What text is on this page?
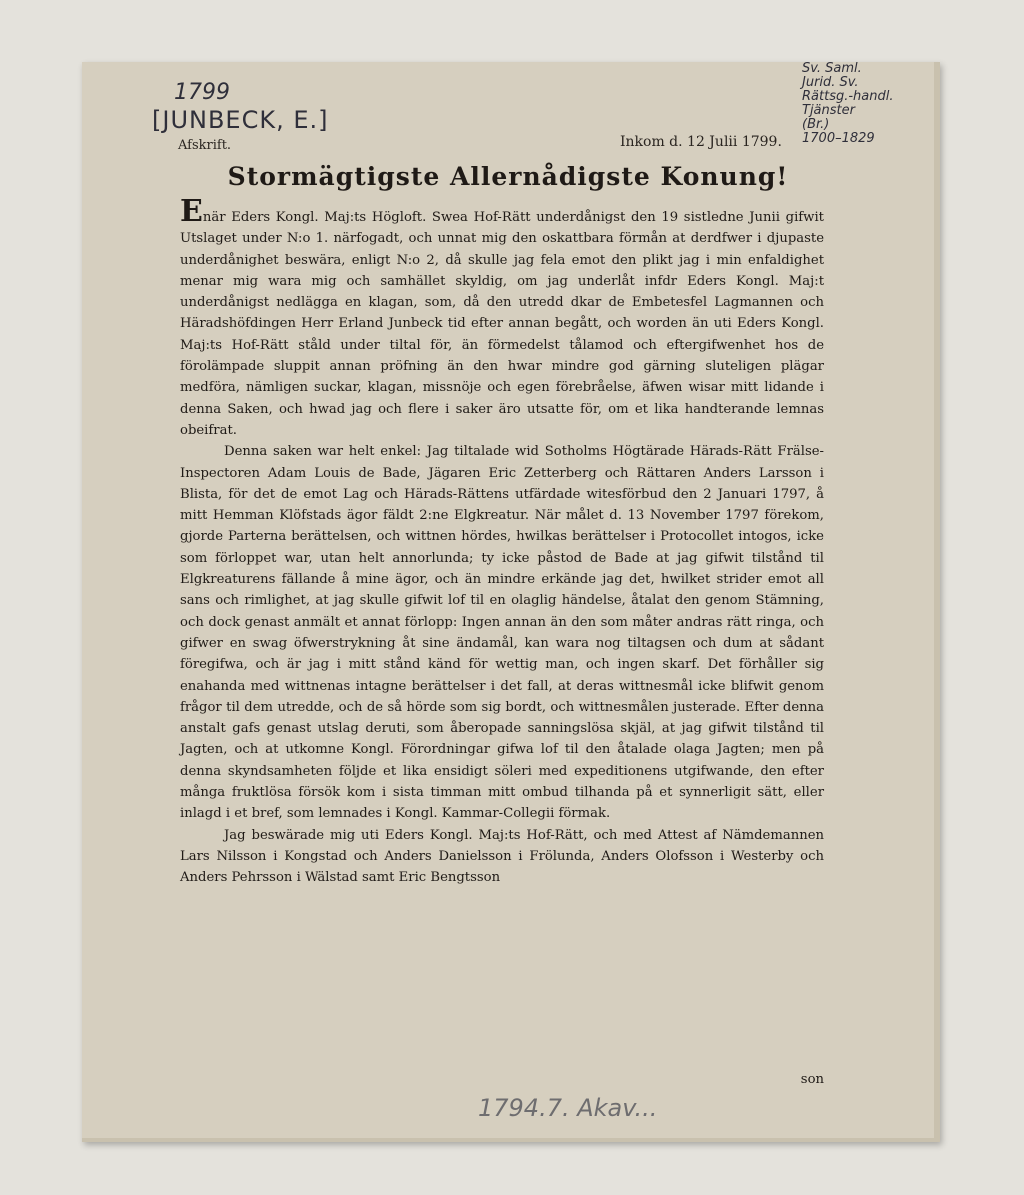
1799
[JUNBECK, E.]
Sv. Saml.
Jurid. Sv.
Rättsg.-handl.
Tjänster
(Br.)
1700–1829
Afskrift.	Inkom d. 12 Julii 1799.
Stormägtigste Allernådigste Konung!

Enär Eders Kongl. Maj:ts Högloft. Swea Hof-Rätt underdånigst den 19 sistledne Junii gifwit Utslaget under N:o 1. närfogadt, och unnat mig den oskattbara förmån at derdfwer i djupaste underdånighet beswära, enligt N:o 2, då skulle jag fela emot den plikt jag i min enfaldighet menar mig wara mig och samhället skyldig, om jag underlåt infdr Eders Kongl. Maj:t underdånigst nedlägga en klagan, som, då den utredd dkar de Embetesfel Lagmannen och Häradshöfdingen Herr Erland Junbeck tid efter annan begått, och worden än uti Eders Kongl. Maj:ts Hof-Rätt ståld under tiltal för, än förmedelst tålamod och eftergifwenhet hos de förolämpade sluppit annan pröfning än den hwar mindre god gärning sluteligen plägar medföra, nämligen suckar, klagan, missnöje och egen förebråelse, äfwen wisar mitt lidande i denna Saken, och hwad jag och flere i saker äro utsatte för, om et lika handterande lemnas obeifrat.

Denna saken war helt enkel: Jag tiltalade wid Sotholms Högtärade Härads-Rätt Frälse-Inspectoren Adam Louis de Bade, Jägaren Eric Zetterberg och Rättaren Anders Larsson i Blista, för det de emot Lag och Härads-Rättens utfärdade witesförbud den 2 Januari 1797, å mitt Hemman Klöfstads ägor fäldt 2:ne Elgkreatur. När målet d. 13 November 1797 förekom, gjorde Parterna berättelsen, och wittnen hördes, hwilkas berättelser i Protocollet intogos, icke som förloppet war, utan helt annorlunda; ty icke påstod de Bade at jag gifwit tilstånd til Elgkreaturens fällande å mine ägor, och än mindre erkände jag det, hwilket strider emot all sans och rimlighet, at jag skulle gifwit lof til en olaglig händelse, åtalat den genom Stämning, och dock genast anmält et annat förlopp: Ingen annan än den som måter andras rätt ringa, och gifwer en swag öfwerstrykning åt sine ändamål, kan wara nog tiltagsen och dum at sådant föregifwa, och är jag i mitt stånd känd för wettig man, och ingen skarf. Det förhåller sig enahanda med wittnenas intagne berättelser i det fall, at deras wittnesmål icke blifwit genom frågor til dem utredde, och de så hörde som sig bordt, och wittnesmålen justerade. Efter denna anstalt gafs genast utslag deruti, som åberopade sanningslösa skjäl, at jag gifwit tilstånd til Jagten, och at utkomne Kongl. Förordningar gifwa lof til den åtalade olaga Jagten; men på denna skyndsamheten följde et lika ensidigt söleri med expeditionens utgifwande, den efter många fruktlösa försök kom i sista timman mitt ombud tilhanda på et synnerligit sätt, eller inlagd i et bref, som lemnades i Kongl. Kammar-Collegii förmak.

Jag beswärade mig uti Eders Kongl. Maj:ts Hof-Rätt, och med Attest af Nämdemannen Lars Nilsson i Kongstad och Anders Danielsson i Frölunda, Anders Olofsson i Westerby och Anders Pehrsson i Wälstad samt Eric Bengtsson

son
1794.7. Akav...
